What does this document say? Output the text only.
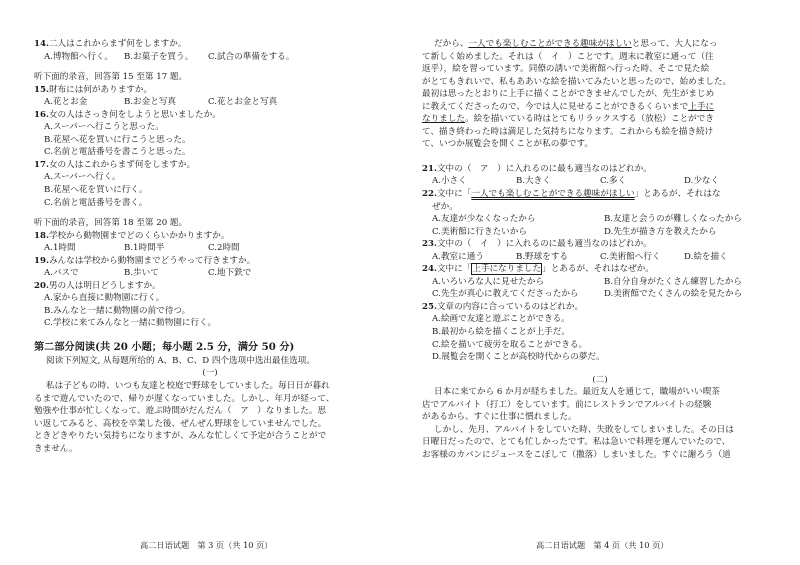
14.二人はこれからまず何をしますか。
A.博物館へ行く。	B.お菓子を買う。	C.試合の準備をする。
听下面的录音，回答第 15 至第 17 题。
15.財布には何がありますか。
A.花とお金	B.お金と写真	C.花とお金と写真
16.女の人はさっき何をしようと思いましたか。
A.スーパーへ行こうと思った。
B.花屋へ花を買いに行こうと思った。
C.名前と電話番号を書こうと思った。
17.女の人はこれからまず何をしますか。
A.スーパーへ行く。
B.花屋へ花を買いに行く。
C.名前と電話番号を書く。
听下面的录音，回答第 18 至第 20 题。
18.学校から動物園までどのくらいかかりますか。
A.1時間	B.1時間半	C.2時間
19.みんなは学校から動物園までどうやって行きますか。
A.バスで	B.歩いて	C.地下鉄で
20.男の人は明日どうしますか。
A.家から直接に動物園に行く。
B.みんなと一緒に動物園の前で待つ。
C.学校に来てみんなと一緒に動物園に行く。
第二部分阅读(共 20 小题；每小题 2.5 分，满分 50 分)
阅读下列短文, 从每题所给的 A、B、C、D 四个选项中选出最佳选项。
(一)
私は子どもの時、いつも友達と校庭で野球をしていました。毎日日が暮れ
るまで遊んでいたので、帰りが遅くなっていました。しかし、年月が経って、
勉強や仕事が忙しくなって、遊ぶ時間がだんだん（　ア　）なりました。思
い返してみると、高校を卒業した後、ぜんぜん野球をしていませんでした。
ときどきやりたい気持ちになりますが、みんな忙しくて予定が合うことがで
きません。
高二日语试题　第 3 页（共 10 页）
だから、一人でも楽しむことができる趣味がほしいと思って、大人になっ
て新しく始めました。それは（　イ　）ことです。週末に教室に通って（往
返乎），絵を習っています。同僚の誘いで美術館へ行った時、そこで見た絵
がとてもきれいで、私もああいな絵を描いてみたいと思ったので、始めました。
最初は思ったとおりに上手に描くことができませんでしたが、先生がまじめ
に教えてくださったので、今では人に見せることができるくらいまで上手に
なりました。絵を描いている時はとてもリラックスする（放松）ことができ
て、描き終わった時は満足した気持ちになります。これからも絵を描き続け
て、いつか展覧会を開くことが私の夢です。
21.文中の（　ア　）に入れるのに最も適当なのはどれか。
A.小さく	B.大きく	C.多く	D.少なく
22.文中に「一人でも楽しむことができる趣味がほしい」とあるが、それはな
ぜか。
A.友達が少なくなったから	B.友達と会うのが難しくなったから
C.美術館に行きたいから	D.先生が描き方を教えたから
23.文中の（　イ　）に入れるのに最も適当なのはどれか。
A.教室に通う	B.野球をする	C.美術館へ行く	D.絵を描く
24.文中に「上手になりました」とあるが、それはなぜか。
A.いろいろな人に見せたから	B.自分自身がたくさん練習したから
C.先生が真心に教えてくださったから	D.美術館でたくさんの絵を見たから
25.文章の内容に合っているのはどれか。
A.絵画で友達と遊ぶことができる。
B.最初から絵を描くことが上手だ。
C.絵を描いて疲労を取ることができる。
D.展覧会を開くことが高校時代からの夢だ。
(二)
日本に来てから 6 か月が経ちました。最近友人を通じて，職場がいい喫茶
店でアルバイト（打工）をしています。前にレストランでアルバイトの経験
があるから、すぐに仕事に慣れました。
しかし、先月、アルバイトをしていた時、失敗をしてしまいました。その日は
日曜日だったので、とても忙しかったです。私は急いで料理を運んでいたので、
お客様のカバンにジュースをこぼして（撒落）しまいました。すぐに謝ろう（道
高二日语试题　第 4 页（共 10 页）
